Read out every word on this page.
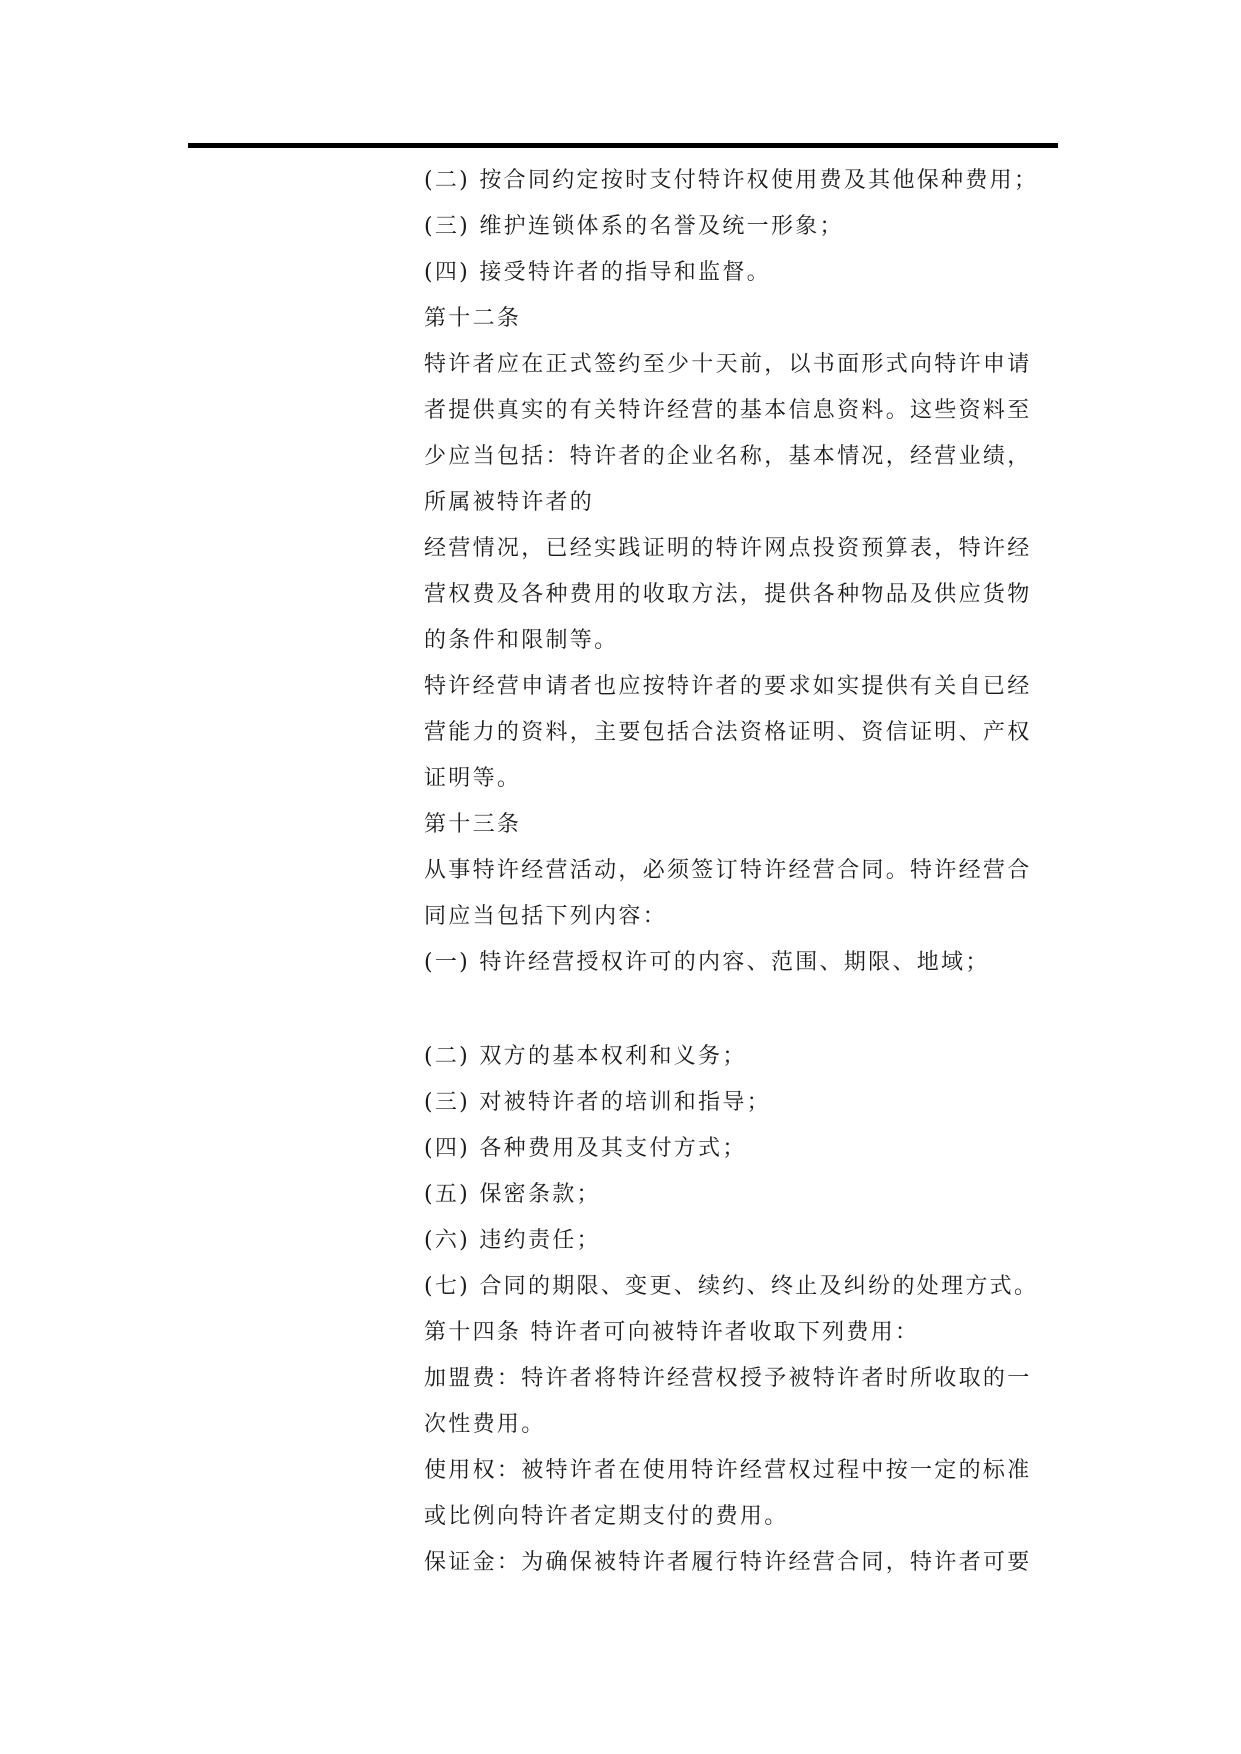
(二) 按合同约定按时支付特许权使用费及其他保种费用；
(三) 维护连锁体系的名誉及统一形象；
(四) 接受特许者的指导和监督。
第十二条
特许者应在正式签约至少十天前，以书面形式向特许申请
者提供真实的有关特许经营的基本信息资料。这些资料至
少应当包括：特许者的企业名称，基本情况，经营业绩，
所属被特许者的
经营情况，已经实践证明的特许网点投资预算表，特许经
营权费及各种费用的收取方法，提供各种物品及供应货物
的条件和限制等。
特许经营申请者也应按特许者的要求如实提供有关自已经
营能力的资料，主要包括合法资格证明、资信证明、产权
证明等。
第十三条
从事特许经营活动，必须签订特许经营合同。特许经营合
同应当包括下列内容：
(一) 特许经营授权许可的内容、范围、期限、地域；
(二) 双方的基本权利和义务；
(三) 对被特许者的培训和指导；
(四) 各种费用及其支付方式；
(五) 保密条款；
(六) 违约责任；
(七) 合同的期限、变更、续约、终止及纠纷的处理方式。
第十四条 特许者可向被特许者收取下列费用：
加盟费：特许者将特许经营权授予被特许者时所收取的一
次性费用。
使用权：被特许者在使用特许经营权过程中按一定的标准
或比例向特许者定期支付的费用。
保证金：为确保被特许者履行特许经营合同，特许者可要
